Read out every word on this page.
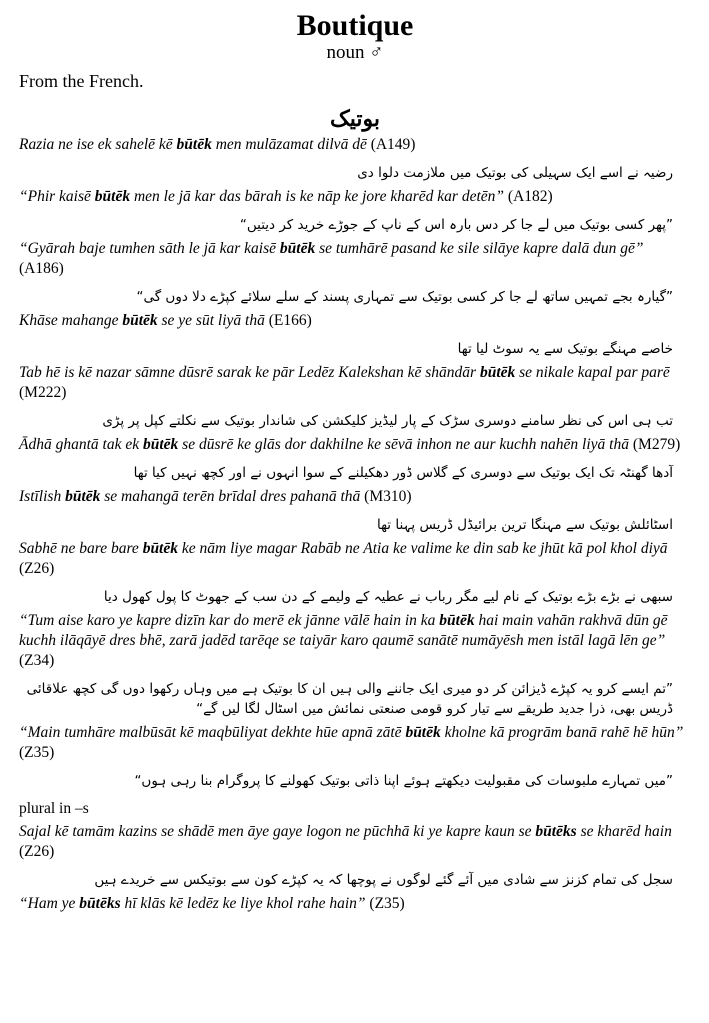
Boutique
noun ♂
From the French.
بوتیک
Razia ne ise ek sahelē kē būtēk men mulāzamat dilvā dē (A149)
رضیہ نے اسے ایک سہیلی کی بوتیک میں ملازمت دلوا دی
“Phir kaisē būtēk men le jā kar das bārah is ke nāp ke jore kharēd kar detēn” (A182)
”پھر کسی بوتیک میں لے جا کر دس بارہ اس کے ناپ کے جوڑے خرید کر دیتیں“
“Gyārah baje tumhen sāth le jā kar kaisē būtēk se tumhārē pasand ke sile silāye kapre dalā dun gē” (A186)
”گیارہ بجے تمہیں ساتھ لے جا کر کسی بوتیک سے تمہاری پسند کے سلے سلائے کپڑے دلا دوں گی“
Khāse mahange būtēk se ye sūt liyā thā (E166)
خاصے مہنگے بوتیک سے یہ سوٹ لیا تھا
Tab hē is kē nazar sāmne dūsrē sarak ke pār Ledēz Kalekshan kē shāndār būtēk se nikale kapal par parē (M222)
تب ہی اس کی نظر سامنے دوسری سڑک کے پار لیڈیز کلیکشن کی شاندار بوتیک سے نکلتے کپل پر پڑی
Ādhā ghantā tak ek būtēk se dūsrē ke glās dor dakhilne ke sēvā inhon ne aur kuchh nahēn liyā thā (M279)
آدھا گھنٹہ تک ایک بوتیک سے دوسری کے گلاس ڈور دھکیلنے کے سوا انہوں نے اور کچھ نہیں کیا تھا
Istīlish būtēk se mahangā terēn brīdal dres pahanā thā (M310)
اسٹائلش بوتیک سے مہنگا ترین برائیڈل ڈریس پہنا تھا
Sabhē ne bare bare būtēk ke nām liye magar Rabāb ne Atia ke valime ke din sab ke jhūt kā pol khol diyā (Z26)
سبھی نے بڑے بڑے بوتیک کے نام لیے مگر رباب نے عطیہ کے ولیمے کے دن سب کے جھوٹ کا پول کھول دیا
“Tum aise karo ye kapre dizīn kar do merē ek jānne vālē hain in ka būtēk hai main vahān rakhvā dūn gē kuchh ilāqāyē dres bhē, zarā jadēd tarēqe se taiyār karo qaumē sanātē numāyēsh men istāl lagā lēn ge” (Z34)
”تم ایسے کرو یہ کپڑے ڈیزائن کر دو میری ایک جاننے والی ہیں ان کا بوتیک ہے میں وہاں رکھوا دوں گی کچھ علاقائی ڈریس بھی، ذرا جدید طریقے سے تیار کرو قومی صنعتی نمائش میں اسٹال لگا لیں گے“
“Main tumhāre malbūsāt kē maqbūliyat dekhte hūe apnā zātē būtēk kholne kā progrām banā rahē hē hūn” (Z35)
”میں تمہارے ملبوسات کی مقبولیت دیکھتے ہوئے اپنا ذاتی بوتیک کھولنے کا پروگرام بنا رہی ہوں“
plural in –s
Sajal kē tamām kazins se shādē men āye gaye logon ne pūchhā ki ye kapre kaun se būtēks se kharēd hain (Z26)
سجل کی تمام کزنز سے شادی میں آئے گئے لوگوں نے پوچھا کہ یہ کپڑے کون سے بوتیکس سے خریدے ہیں
“Ham ye būtēks hī klās kē ledēz ke liye khol rahe hain” (Z35)
